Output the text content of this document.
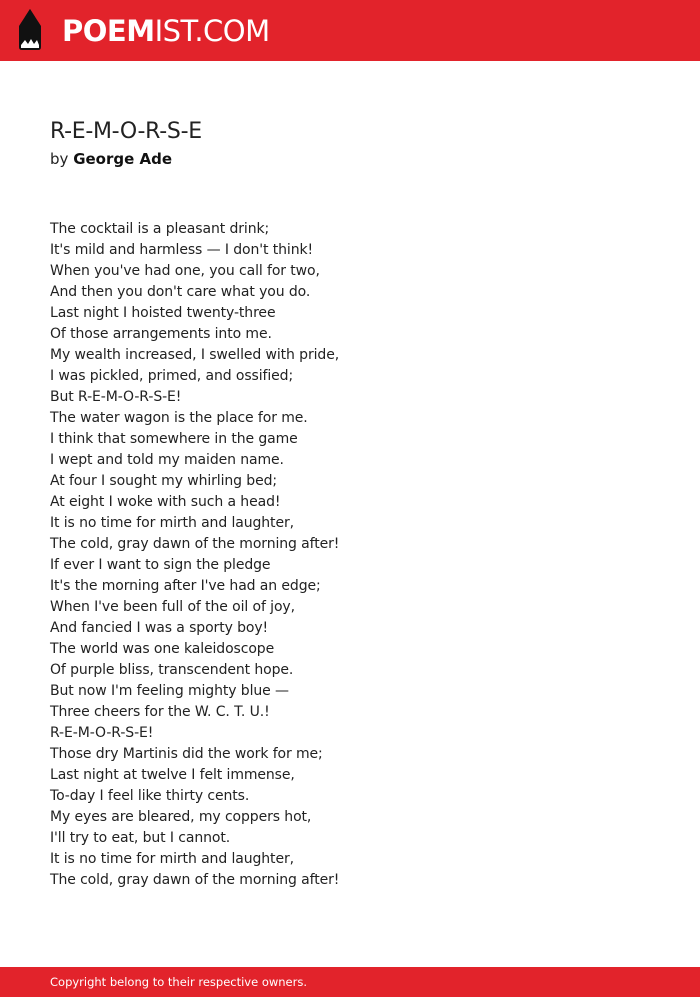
POEMIST.COM
R-E-M-O-R-S-E
by George Ade
The cocktail is a pleasant drink;
It's mild and harmless — I don't think!
When you've had one, you call for two,
And then you don't care what you do.
Last night I hoisted twenty-three
Of those arrangements into me.
My wealth increased, I swelled with pride,
I was pickled, primed, and ossified;
But R-E-M-O-R-S-E!
The water wagon is the place for me.
I think that somewhere in the game
I wept and told my maiden name.
At four I sought my whirling bed;
At eight I woke with such a head!
It is no time for mirth and laughter,
The cold, gray dawn of the morning after!
If ever I want to sign the pledge
It's the morning after I've had an edge;
When I've been full of the oil of joy,
And fancied I was a sporty boy!
The world was one kaleidoscope
Of purple bliss, transcendent hope.
But now I'm feeling mighty blue —
Three cheers for the W. C. T. U.!
R-E-M-O-R-S-E!
Those dry Martinis did the work for me;
Last night at twelve I felt immense,
To-day I feel like thirty cents.
My eyes are bleared, my coppers hot,
I'll try to eat, but I cannot.
It is no time for mirth and laughter,
The cold, gray dawn of the morning after!
Copyright belong to their respective owners.
